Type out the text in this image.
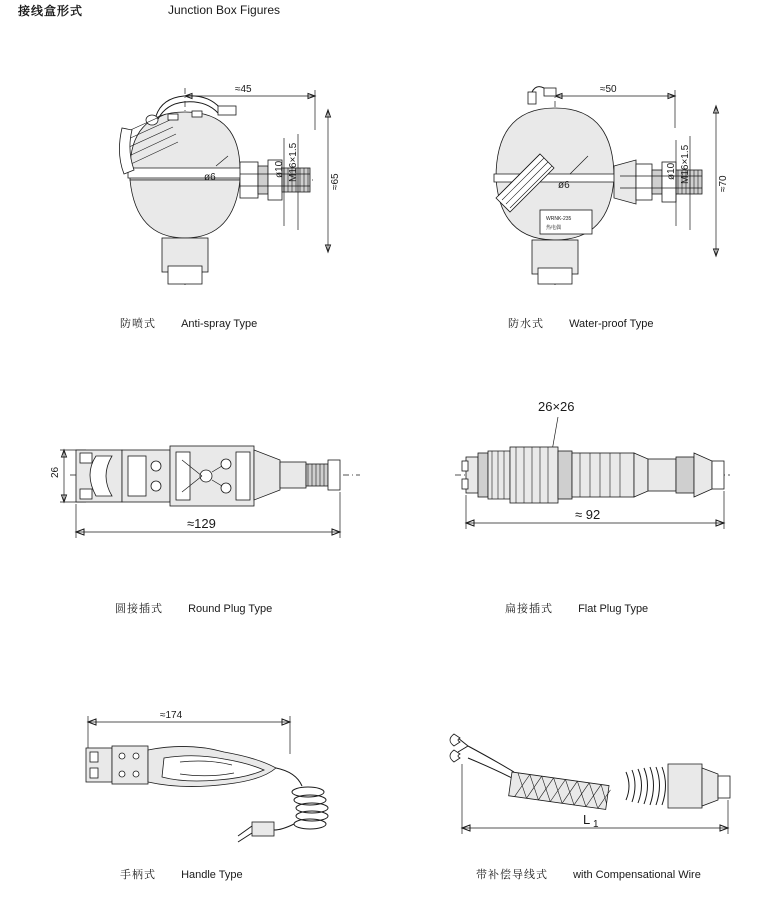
接线盒形式	Junction Box Figures
≈45
ø6	≈65
M16×1.5
ø10
防喷式 Anti-spray Type
≈50
WRNK-235
热电偶
ø6	≈70
M16×1.5
ø10
防水式 Water-proof Type
26
≈129
圆接插式 Round Plug Type
26×26
≈ 92
扁接插式 Flat Plug Type
≈174
手柄式 Handle Type
L 1
带补偿导线式 with Compensational Wire
